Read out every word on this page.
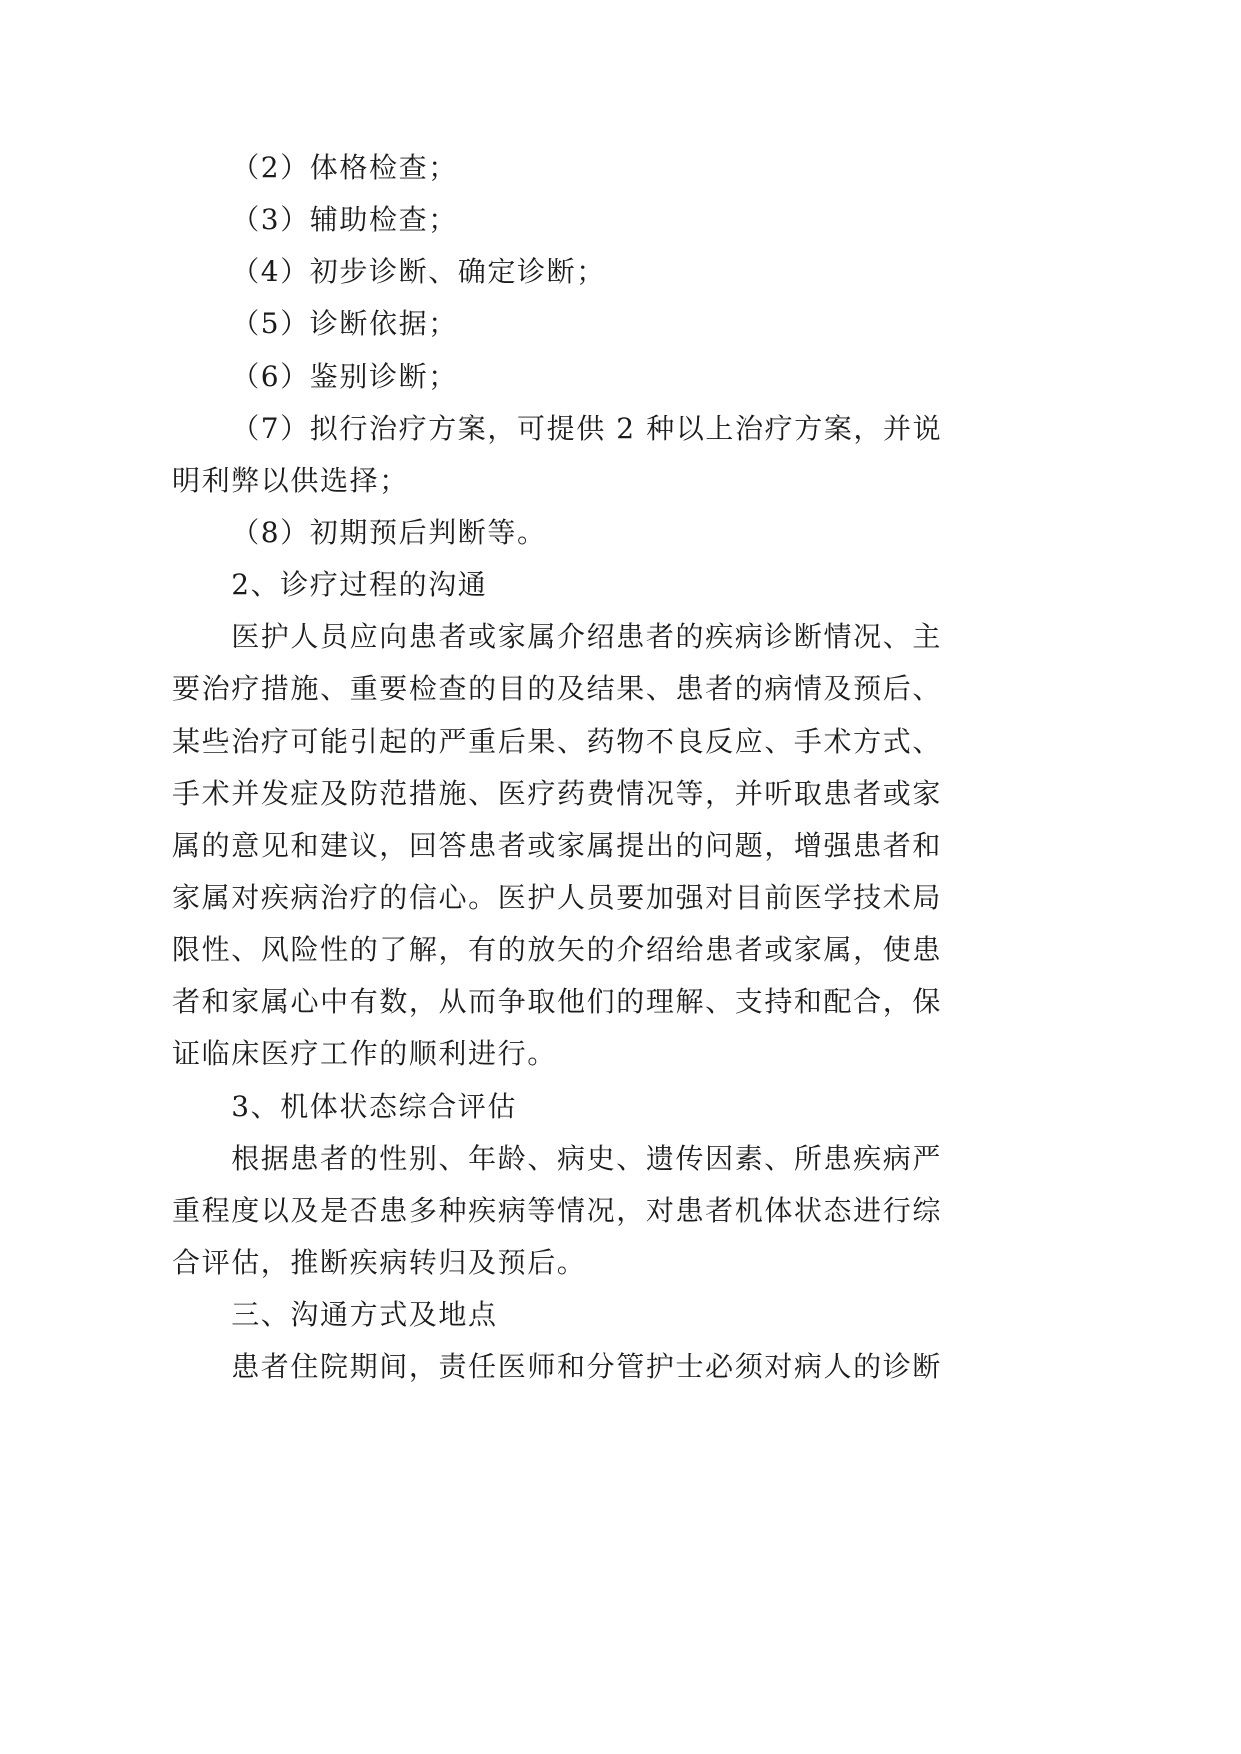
（2）体格检查；
（3）辅助检查；
（4）初步诊断、确定诊断；
（5）诊断依据；
（6）鉴别诊断；
（7）拟行治疗方案，可提供 2 种以上治疗方案，并说
明利弊以供选择；
（8）初期预后判断等。
2、诊疗过程的沟通
医护人员应向患者或家属介绍患者的疾病诊断情况、主
要治疗措施、重要检查的目的及结果、患者的病情及预后、
某些治疗可能引起的严重后果、药物不良反应、手术方式、
手术并发症及防范措施、医疗药费情况等，并听取患者或家
属的意见和建议，回答患者或家属提出的问题，增强患者和
家属对疾病治疗的信心。医护人员要加强对目前医学技术局
限性、风险性的了解，有的放矢的介绍给患者或家属，使患
者和家属心中有数，从而争取他们的理解、支持和配合，保
证临床医疗工作的顺利进行。
3、机体状态综合评估
根据患者的性别、年龄、病史、遗传因素、所患疾病严
重程度以及是否患多种疾病等情况，对患者机体状态进行综
合评估，推断疾病转归及预后。
三、沟通方式及地点
患者住院期间，责任医师和分管护士必须对病人的诊断
